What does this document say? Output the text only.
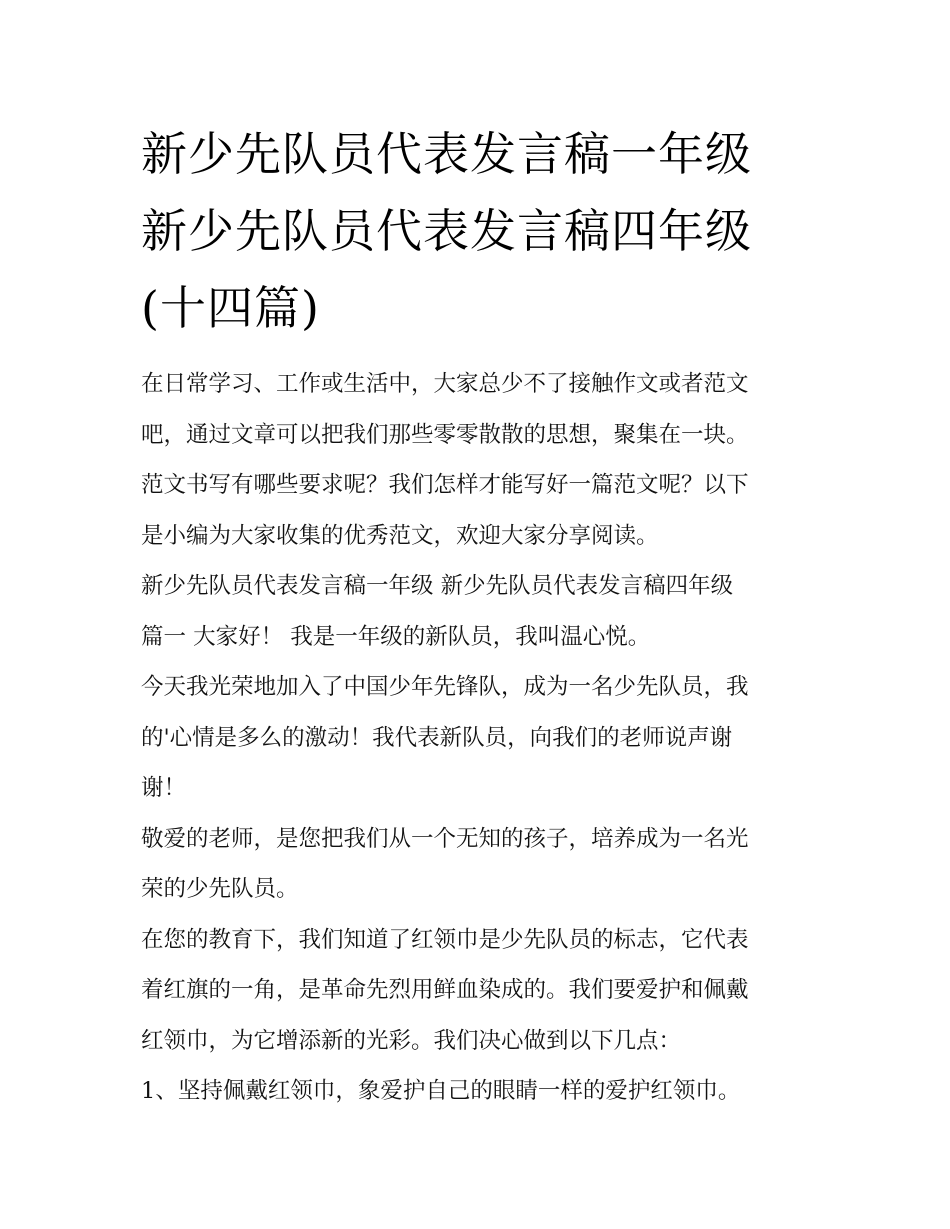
新少先队员代表发言稿一年级
新少先队员代表发言稿四年级
(十四篇)

在日常学习、工作或生活中，大家总少不了接触作文或者范文
吧，通过文章可以把我们那些零零散散的思想，聚集在一块。
范文书写有哪些要求呢？我们怎样才能写好一篇范文呢？以下
是小编为大家收集的优秀范文，欢迎大家分享阅读。

新少先队员代表发言稿一年级 新少先队员代表发言稿四年级
篇一 大家好！ 我是一年级的新队员，我叫温心悦。

今天我光荣地加入了中国少年先锋队，成为一名少先队员，我
的'心情是多么的激动！我代表新队员，向我们的老师说声谢
谢！

敬爱的老师，是您把我们从一个无知的孩子，培养成为一名光
荣的少先队员。

在您的教育下，我们知道了红领巾是少先队员的标志，它代表
着红旗的一角，是革命先烈用鲜血染成的。我们要爱护和佩戴
红领巾，为它增添新的光彩。我们决心做到以下几点：

1、坚持佩戴红领巾，象爱护自己的眼睛一样的爱护红领巾。
